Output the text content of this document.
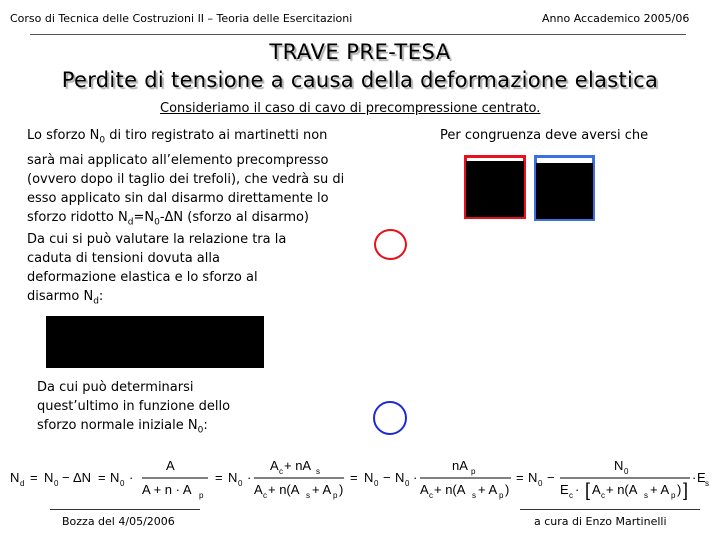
Corso di Tecnica delle Costruzioni II – Teoria delle Esercitazioni	Anno Accademico 2005/06
TRAVE PRE-TESA
Perdite di tensione a causa della deformazione elastica
Consideriamo il caso di cavo di precompressione centrato.
Lo sforzo $N_0$ di tiro registrato ai martinetti non
sarà mai applicato all’elemento precompresso
(ovvero dopo il taglio dei trefoli), che vedrà su di
esso applicato sin dal disarmo direttamente lo
sforzo ridotto $N_d=N_0-\Delta N$ (sforzo al disarmo)
Per congruenza deve aversi che
Da cui si può valutare la relazione tra la
caduta di tensioni dovuta alla
deformazione elastica e lo sforzo al
disarmo $N_d$:
Da cui può determinarsi
quest’ultimo in funzione dello
sforzo normale iniziale $N_0$:
N d = N 0 − ΔN = N 0 ·
A
A + n · A p
= N 0 ·
A c + nA s
A c + n(A s + A p )
= N 0 − N 0 ·
nA p
A c + n(A s + A p )
= N 0 −
N 0
E c · [ A c + n(A s + A p ) ]
· E s
Bozza del 4/05/2006	a cura di Enzo Martinelli
